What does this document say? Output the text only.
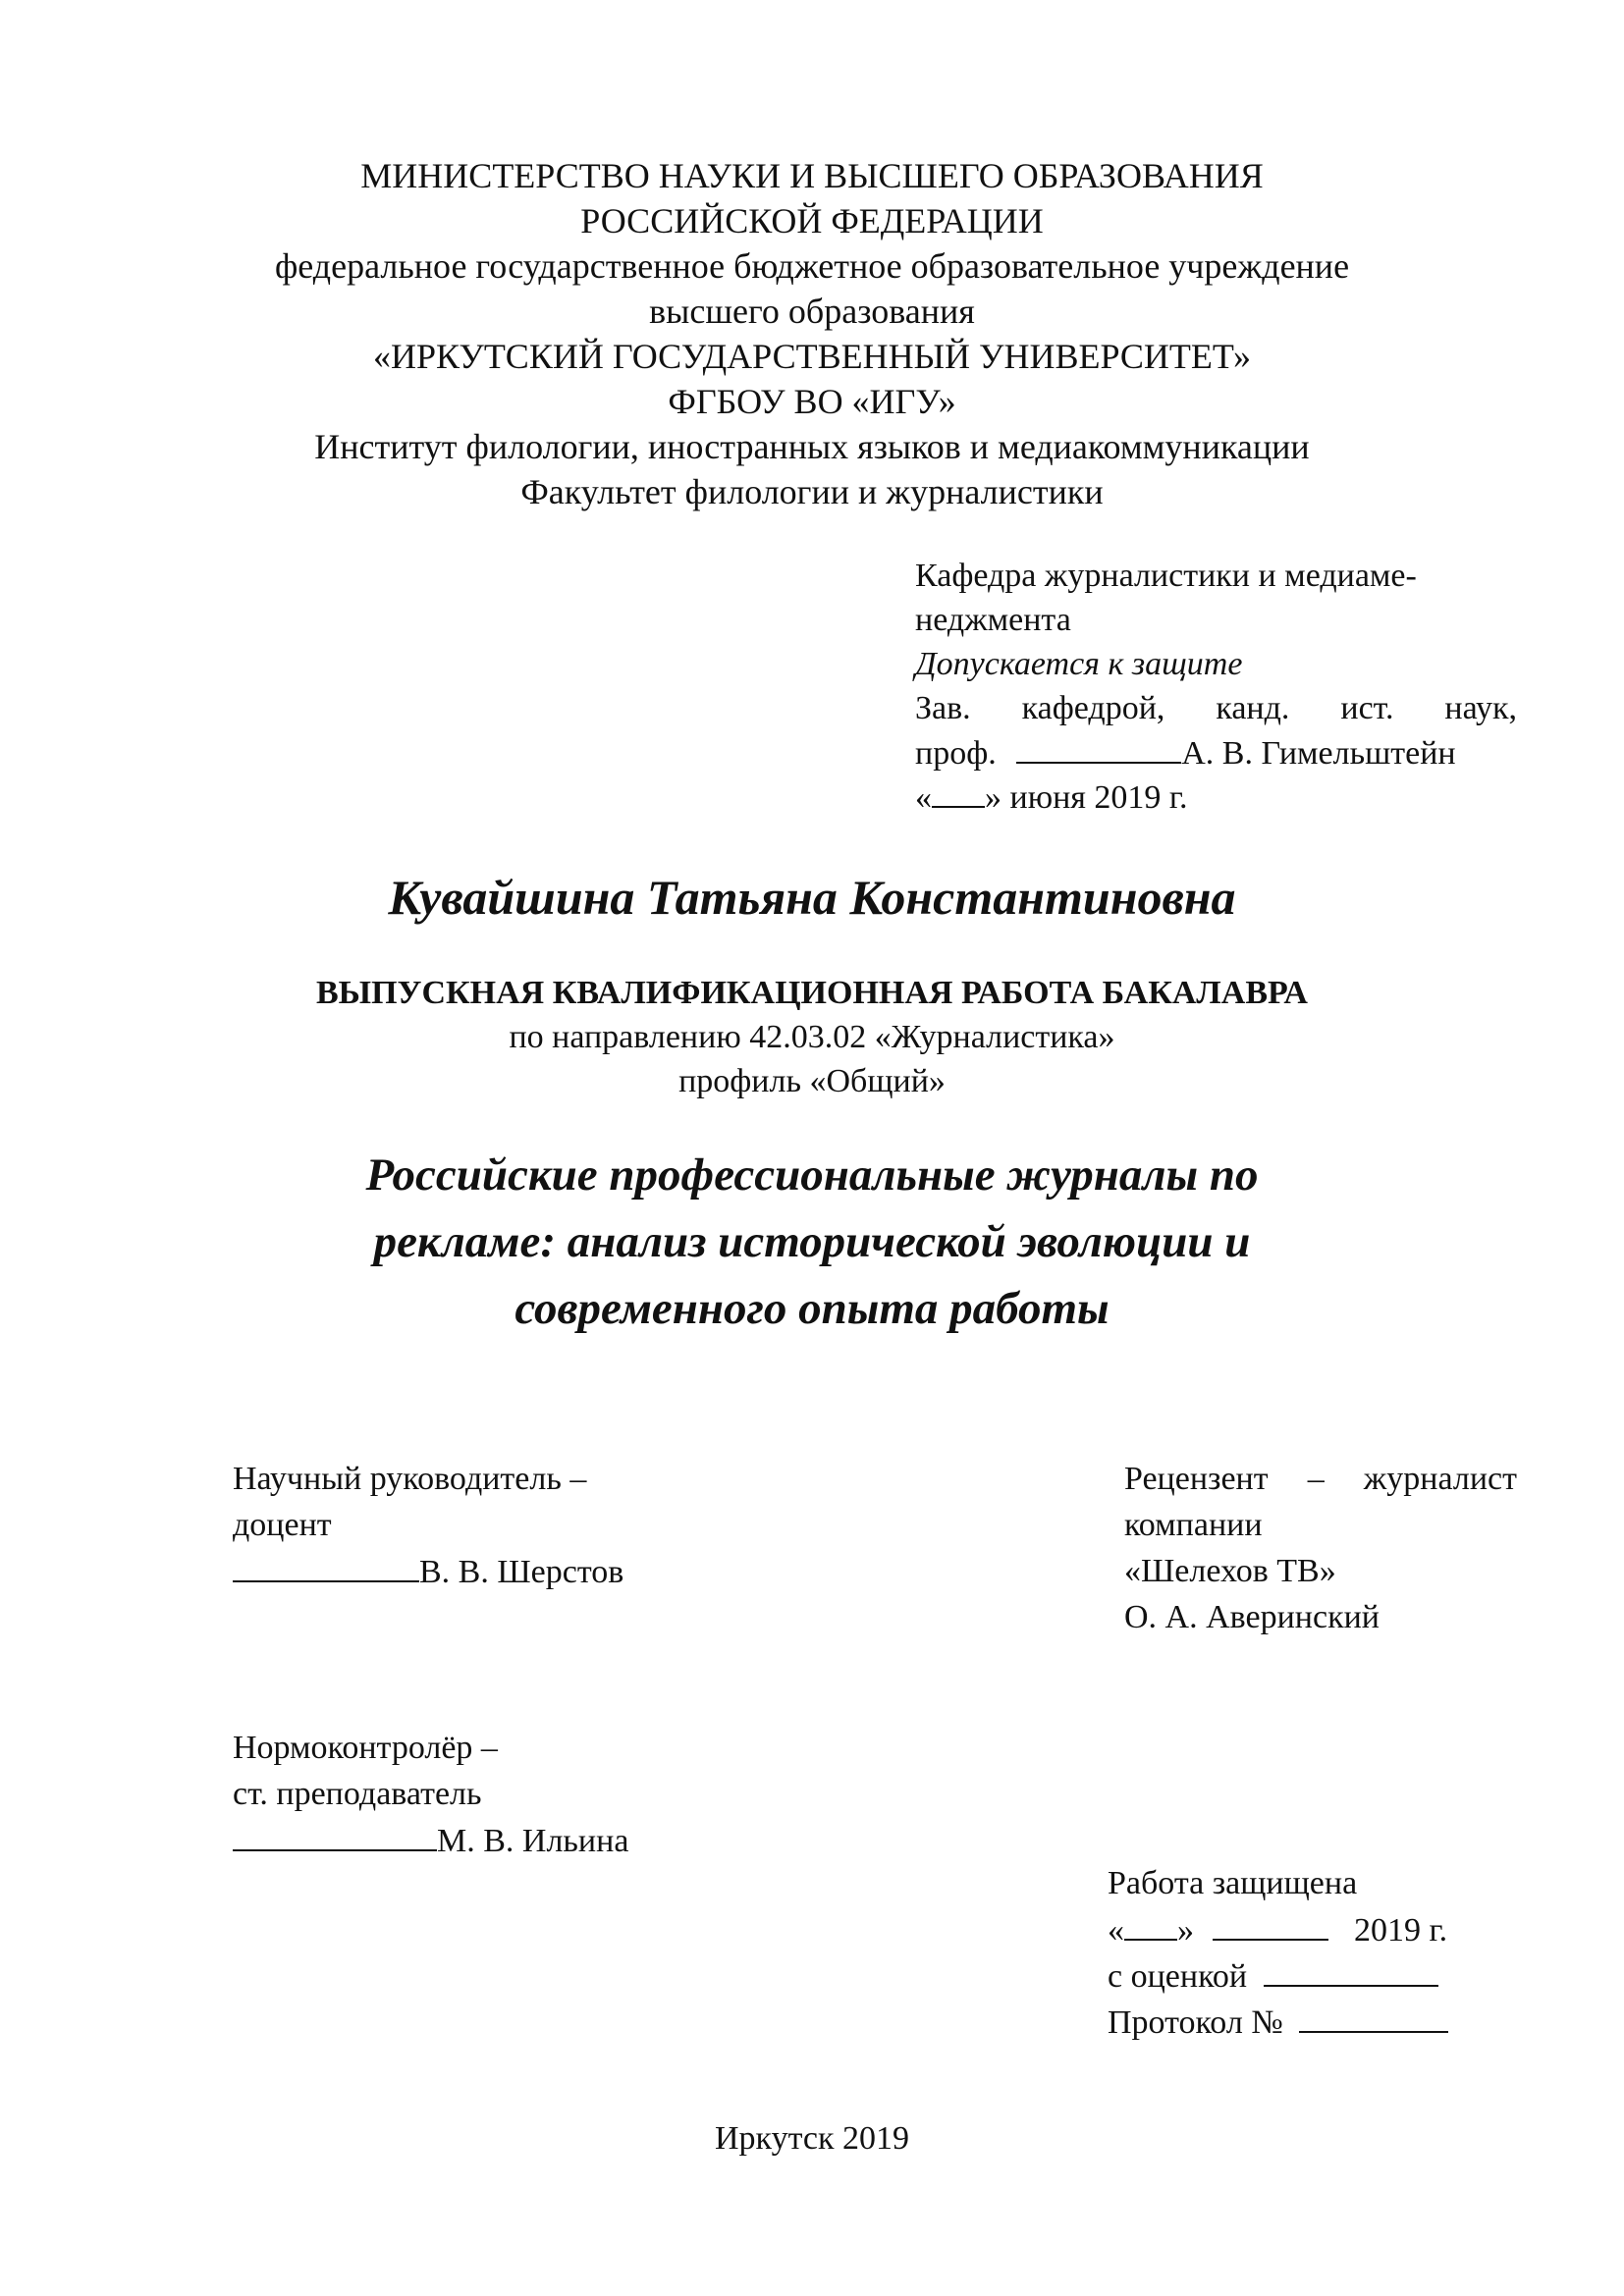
МИНИСТЕРСТВО НАУКИ И ВЫСШЕГО ОБРАЗОВАНИЯ
РОССИЙСКОЙ ФЕДЕРАЦИИ
федеральное государственное бюджетное образовательное учреждение
высшего образования
«ИРКУТСКИЙ ГОСУДАРСТВЕННЫЙ УНИВЕРСИТЕТ»
ФГБОУ ВО «ИГУ»
Институт филологии, иностранных языков и медиакоммуникации
Факультет филологии и журналистики
Кафедра журналистики и медиаме-
неджмента
Допускается к защите
Зав. кафедрой, канд. ист. наук,
проф.	А. В. Гимельштейн
« » июня 2019 г.
Кувайшина Татьяна Константиновна
ВЫПУСКНАЯ КВАЛИФИКАЦИОННАЯ РАБОТА БАКАЛАВРА
по направлению 42.03.02 «Журналистика»
профиль «Общий»
Российские профессиональные журналы по
рекламе: анализ исторической эволюции и
современного опыта работы
Научный руководитель –
доцент
В. В. Шерстов
Рецензент – журналист
компании
«Шелехов ТВ»
О. А. Аверинский
Нормоконтролёр –
ст. преподаватель
М. В. Ильина
Работа защищена
« »	2019 г.
с оценкой
Протокол №
Иркутск 2019
